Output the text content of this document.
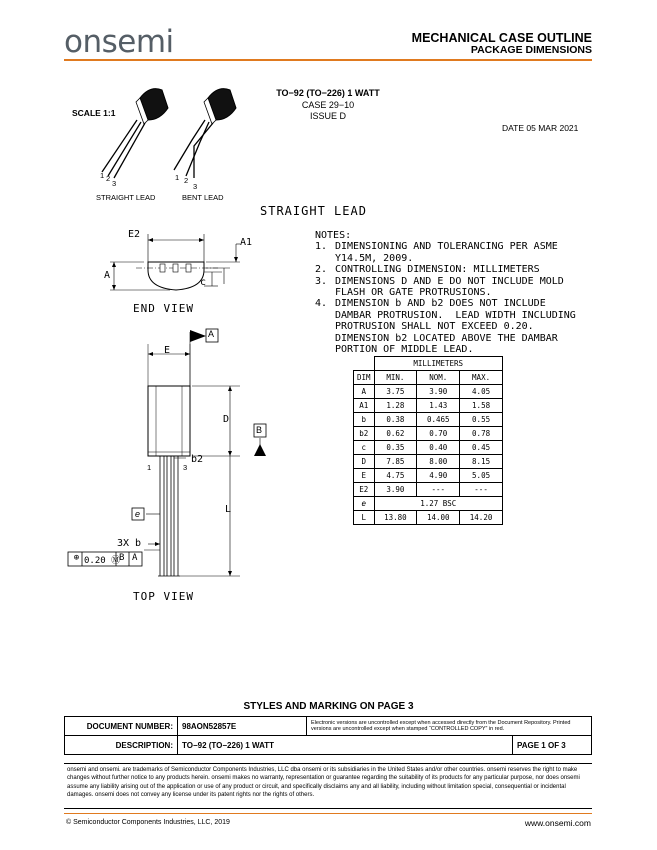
onsemi	MECHANICAL CASE OUTLINE
PACKAGE DIMENSIONS
TO−92 (TO−226) 1 WATT
CASE 29−10
ISSUE D
SCALE 1:1
DATE 05 MAR 2021
1 2
3
1 2
3
STRAIGHT LEAD	BENT LEAD
STRAIGHT LEAD
E2
A1
A
c
END VIEW
A
E
D
B
1	3
b2
e	L
3X b
⊕ 0.20 Ⓜ
B A
TOP VIEW
NOTES:
1. DIMENSIONING AND TOLERANCING PER ASME
Y14.5M, 2009.
2. CONTROLLING DIMENSION: MILLIMETERS
3. DIMENSIONS D AND E DO NOT INCLUDE MOLD
FLASH OR GATE PROTRUSIONS.
4. DIMENSION b AND b2 DOES NOT INCLUDE
DAMBAR PROTRUSION.  LEAD WIDTH INCLUDING
PROTRUSION SHALL NOT EXCEED 0.20.
DIMENSION b2 LOCATED ABOVE THE DAMBAR
PORTION OF MIDDLE LEAD.
	MILLIMETERS		
DIM	MIN.	NOM.	MAX.
A	3.75	3.90	4.05
A1	1.28	1.43	1.58
b	0.38	0.465	0.55
b2	0.62	0.70	0.78
c	0.35	0.40	0.45
D	7.85	8.00	8.15
E	4.75	4.90	5.05
E2	3.90	---	---
e	1.27 BSC		
L	13.80	14.00	14.20
STYLES AND MARKING ON PAGE 3
DOCUMENT NUMBER:	98AON52857E	Electronic versions are uncontrolled except when accessed directly from the Document Repository. Printed versions are uncontrolled except when stamped “CONTROLLED COPY” in red.	
DESCRIPTION:	TO−92 (TO−226) 1 WATT		PAGE 1 OF 3
onsemi and onsemi. are trademarks of Semiconductor Components Industries, LLC dba onsemi or its subsidiaries in the United States and/or other countries. onsemi reserves the right to make changes without further notice to any products herein. onsemi makes no warranty, representation or guarantee regarding the suitability of its products for any particular purpose, nor does onsemi assume any liability arising out of the application or use of any product or circuit, and specifically disclaims any and all liability, including without limitation special, consequential or incidental damages. onsemi does not convey any license under its patent rights nor the rights of others.
© Semiconductor Components Industries, LLC, 2019	www.onsemi.com
